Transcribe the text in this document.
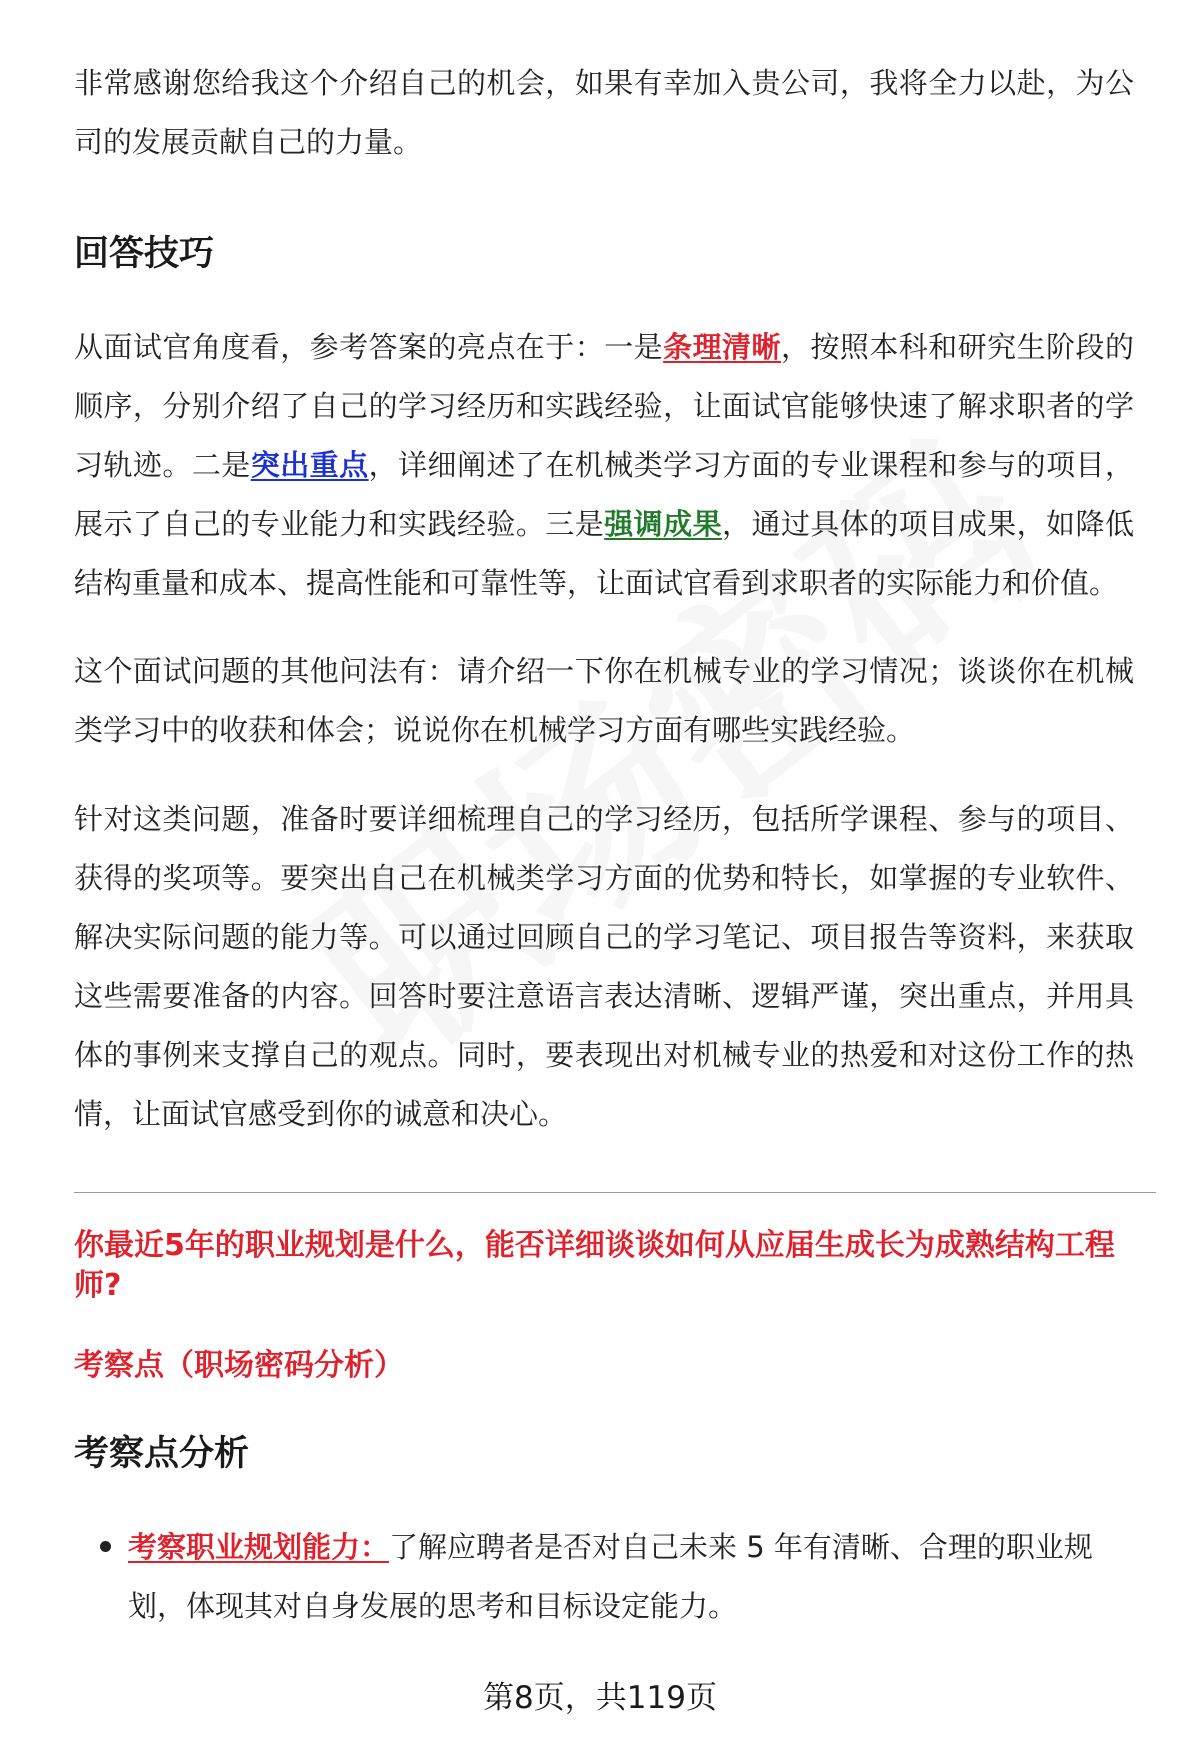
非常感谢您给我这个介绍自己的机会，如果有幸加入贵公司，我将全力以赴，为公司的发展贡献自己的力量。

回答技巧

从面试官角度看，参考答案的亮点在于：一是条理清晰，按照本科和研究生阶段的顺序，分别介绍了自己的学习经历和实践经验，让面试官能够快速了解求职者的学习轨迹。二是突出重点，详细阐述了在机械类学习方面的专业课程和参与的项目，展示了自己的专业能力和实践经验。三是强调成果，通过具体的项目成果，如降低结构重量和成本、提高性能和可靠性等，让面试官看到求职者的实际能力和价值。

这个面试问题的其他问法有：请介绍一下你在机械专业的学习情况；谈谈你在机械类学习中的收获和体会；说说你在机械学习方面有哪些实践经验。

针对这类问题，准备时要详细梳理自己的学习经历，包括所学课程、参与的项目、获得的奖项等。要突出自己在机械类学习方面的优势和特长，如掌握的专业软件、解决实际问题的能力等。可以通过回顾自己的学习笔记、项目报告等资料，来获取这些需要准备的内容。回答时要注意语言表达清晰、逻辑严谨，突出重点，并用具体的事例来支撑自己的观点。同时，要表现出对机械专业的热爱和对这份工作的热情，让面试官感受到你的诚意和决心。

你最近5年的职业规划是什么，能否详细谈谈如何从应届生成长为成熟结构工程师?

考察点（职场密码分析）

考察点分析
考察职业规划能力：了解应聘者是否对自己未来 5 年有清晰、合理的职业规划，体现其对自身发展的思考和目标设定能力。
第8页，共119页
